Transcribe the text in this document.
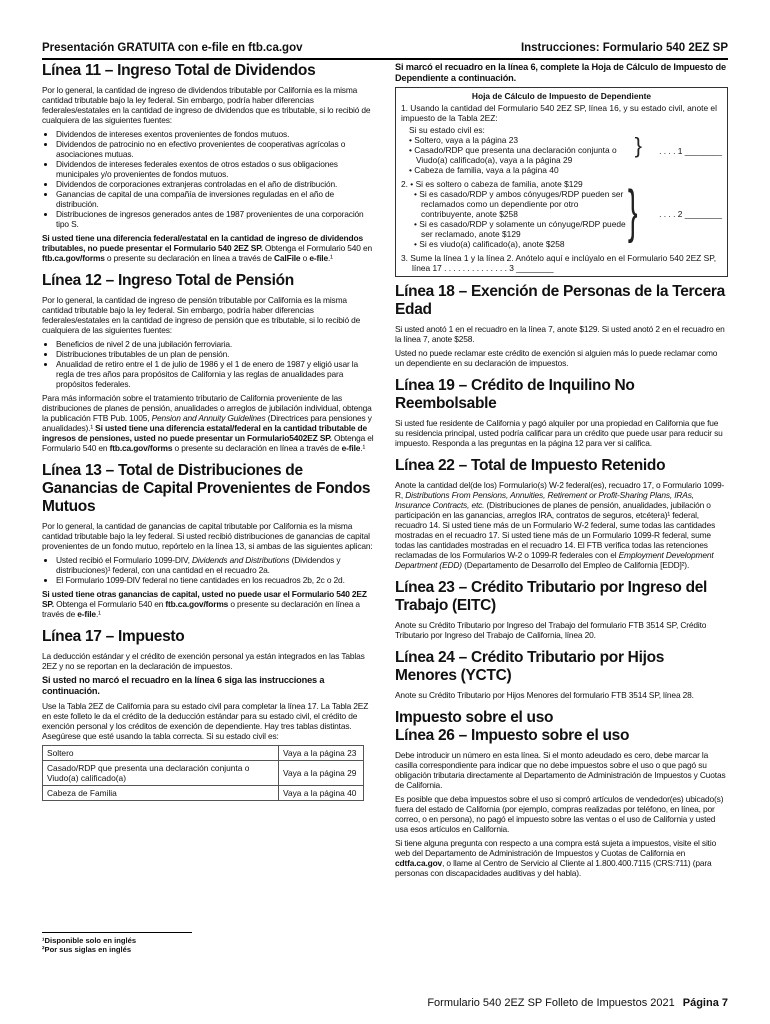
Presentación GRATUITA con e-file en ftb.ca.gov	Instrucciones: Formulario 540 2EZ SP
Línea 11 – Ingreso Total de Dividendos

Por lo general, la cantidad de ingreso de dividendos tributable por California es la misma cantidad tributable bajo la ley federal. Sin embargo, podría haber diferencias federales/estatales en la cantidad de ingreso de dividendos que es tributable, si lo recibió de cualquiera de las siguientes fuentes:

• Dividendos de intereses exentos provenientes de fondos mutuos.
• Dividendos de patrocinio no en efectivo provenientes de cooperativas agrícolas o asociaciones mutuas.
• Dividendos de intereses federales exentos de otros estados o sus obligaciones municipales y/o provenientes de fondos mutuos.
• Dividendos de corporaciones extranjeras controladas en el año de distribución.
• Ganancias de capital de una compañía de inversiones reguladas en el año de distribución.
• Distribuciones de ingresos generados antes de 1987 provenientes de una corporación tipo S.

Si usted tiene una diferencia federal/estatal en la cantidad de ingreso de dividendos tributables, no puede presentar el Formulario 540 2EZ SP. Obtenga el Formulario 540 en ftb.ca.gov/forms o presente su declaración en línea a través de CalFile o e-file.¹

Línea 12 – Ingreso Total de Pensión

Por lo general, la cantidad de ingreso de pensión tributable por California es la misma cantidad tributable bajo la ley federal. Sin embargo, podría haber diferencias federales/estatales en la cantidad de ingreso de pensión que es tributable, si lo recibió de cualquiera de las siguientes fuentes:

• Beneficios de nivel 2 de una jubilación ferroviaria.
• Distribuciones tributables de un plan de pensión.
• Anualidad de retiro entre el 1 de julio de 1986 y el 1 de enero de 1987 y eligió usar la regla de tres años para propósitos de California y las reglas de anualidades para propósitos federales.

Para más información sobre el tratamiento tributario de California proveniente de las distribuciones de planes de pensión, anualidades o arreglos de jubilación individual, obtenga la publicación FTB Pub. 1005, Pension and Annuity Guidelines (Directrices para pensiones y anualidades).¹ Si usted tiene una diferencia estatal/federal en la cantidad tributable de ingresos de pensiones, usted no puede presentar un Formulario5402EZ SP. Obtenga el Formulario 540 en ftb.ca.gov/forms o presente su declaración en línea a través de e-file.¹

Línea 13 – Total de Distribuciones de Ganancias de Capital Provenientes de Fondos Mutuos

Por lo general, la cantidad de ganancias de capital tributable por California es la misma cantidad tributable bajo la ley federal. Si usted recibió distribuciones de ganancias de capital provenientes de un fondo mutuo, repórtelo en la línea 13, si ambas de las siguientes aplican:

• Usted recibió el Formulario 1099-DIV, Dividends and Distributions (Dividendos y distribuciones)¹ federal, con una cantidad en el recuadro 2a.
• El Formulario 1099-DIV federal no tiene cantidades en los recuadros 2b, 2c o 2d.

Si usted tiene otras ganancias de capital, usted no puede usar el Formulario 540 2EZ SP. Obtenga el Formulario 540 en ftb.ca.gov/forms o presente su declaración en línea a través de e-file.¹

Línea 17 – Impuesto

La deducción estándar y el crédito de exención personal ya están integrados en las Tablas 2EZ y no se reportan en la declaración de impuestos.

Si usted no marcó el recuadro en la línea 6 siga las instrucciones a continuación.

Use la Tabla 2EZ de California para su estado civil para completar la línea 17. La Tabla 2EZ en este folleto le da el crédito de la deducción estándar para su estado civil, el crédito de exención personal y los créditos de exención de dependiente. Hay tres tablas distintas. Asegúrese que esté usando la tabla correcta. Si su estado civil es:

Soltero	Vaya a la página 23
Casado/RDP que presenta una declaración conjunta o Viudo(a) calificado(a)	Vaya a la página 29
Cabeza de Familia	Vaya a la página 40
¹Disponible solo en inglés
²Por sus siglas en inglés

Si marcó el recuadro en la línea 6, complete la Hoja de Cálculo de Impuesto de Dependiente a continuación.

Hoja de Cálculo de Impuesto de Dependiente
1. Usando la cantidad del Formulario 540 2EZ SP, línea 16, y su estado civil, anote el impuesto de la Tabla 2EZ:
Si su estado civil es:
• Soltero, vaya a la página 23
• Casado/RDP que presenta una declaración conjunta o Viudo(a) calificado(a), vaya a la página 29
• Cabeza de familia, vaya a la página 40
} . . . . 1 ________
2. • Si es soltero o cabeza de familia, anote $129
• Si es casado/RDP y ambos cónyuges/RDP pueden ser reclamados como un dependiente por otro contribuyente, anote $258
• Si es casado/RDP y solamente un cónyuge/RDP puede ser reclamado, anote $129
• Si es viudo(a) calificado(a), anote $258	}	. . . . 2 ________
3. Sume la línea 1 y la línea 2. Anótelo aquí e inclúyalo en el Formulario 540 2EZ SP, línea 17 . . . . . . . . . . . . . . 3 ________
Línea 18 – Exención de Personas de la Tercera Edad

Si usted anotó 1 en el recuadro en la línea 7, anote $129. Si usted anotó 2 en el recuadro en la línea 7, anote $258.

Usted no puede reclamar este crédito de exención si alguien más lo puede reclamar como un dependiente en su declaración de impuestos.

Línea 19 – Crédito de Inquilino No Reembolsable

Si usted fue residente de California y pagó alquiler por una propiedad en California que fue su residencia principal, usted podría calificar para un crédito que puede usar para reducir su impuesto. Responda a las preguntas en la página 12 para ver si califica.

Línea 22 – Total de Impuesto Retenido

Anote la cantidad del(de los) Formulario(s) W-2 federal(es), recuadro 17, o Formulario 1099-R, Distributions From Pensions, Annuities, Retirement or Profit-Sharing Plans, IRAs, Insurance Contracts, etc. (Distribuciones de planes de pensión, anualidades, jubilación o participación en las ganancias, arreglos IRA, contratos de seguros, etcétera)¹ federal, recuadro 14. Si usted tiene más de un Formulario W-2 federal, sume todas las cantidades mostradas en el recuadro 17. Si usted tiene más de un Formulario 1099-R federal, sume todas las cantidades mostradas en el recuadro 14. El FTB verifica todas las retenciones reclamadas de los Formularios W-2 o 1099-R federales con el Employment Development Department (EDD) (Departamento de Desarrollo del Empleo de California [EDD]²).

Línea 23 – Crédito Tributario por Ingreso del Trabajo (EITC)

Anote su Crédito Tributario por Ingreso del Trabajo del formulario FTB 3514 SP, Crédito Tributario por Ingreso del Trabajo de California, línea 20.

Línea 24 – Crédito Tributario por Hijos Menores (YCTC)

Anote su Crédito Tributario por Hijos Menores del formulario FTB 3514 SP, línea 28.

Impuesto sobre el uso
Línea 26 – Impuesto sobre el uso

Debe introducir un número en esta línea. Si el monto adeudado es cero, debe marcar la casilla correspondiente para indicar que no debe impuestos sobre el uso o que pagó su obligación tributaria directamente al Departamento de Administración de Impuestos y Cuotas de California.

Es posible que deba impuestos sobre el uso si compró artículos de vendedor(es) ubicado(s) fuera del estado de California (por ejemplo, compras realizadas por teléfono, en línea, por correo, o en persona), no pagó el impuesto sobre las ventas o el uso de California y usted usa esos artículos en California.

Si tiene alguna pregunta con respecto a una compra está sujeta a impuestos, visite el sitio web del Departamento de Administración de Impuestos y Cuotas de California en cdtfa.ca.gov, o llame al Centro de Servicio al Cliente al 1.800.400.7115 (CRS:711) (para personas con discapacidades auditivas y del habla).

Formulario 540 2EZ SP Folleto de Impuestos 2021 Página 7
